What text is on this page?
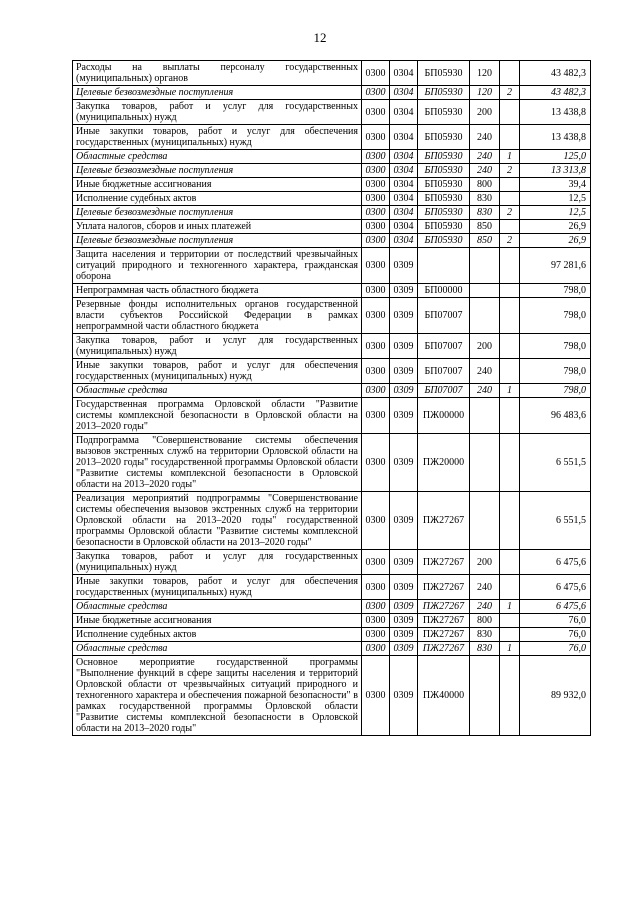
12
Расходы на выплаты персоналу государственных (муниципальных) органов	0300	0304	БП05930	120		43 482,3
Целевые безвозмездные поступления	0300	0304	БП05930	120	2	43 482,3
Закупка товаров, работ и услуг для государственных (муниципальных) нужд	0300	0304	БП05930	200		13 438,8
Иные закупки товаров, работ и услуг для обеспечения государственных (муниципальных) нужд	0300	0304	БП05930	240		13 438,8
Областные средства	0300	0304	БП05930	240	1	125,0
Целевые безвозмездные поступления	0300	0304	БП05930	240	2	13 313,8
Иные бюджетные ассигнования	0300	0304	БП05930	800		39,4
Исполнение судебных актов	0300	0304	БП05930	830		12,5
Целевые безвозмездные поступления	0300	0304	БП05930	830	2	12,5
Уплата налогов, сборов и иных платежей	0300	0304	БП05930	850		26,9
Целевые безвозмездные поступления	0300	0304	БП05930	850	2	26,9
Защита населения и территории от последствий чрезвычайных ситуаций природного и техногенного характера, гражданская оборона	0300	0309				97 281,6
Непрограммная часть областного бюджета	0300	0309	БП00000			798,0
Резервные фонды исполнительных органов государственной власти субъектов Российской Федерации в рамках непрограммной части областного бюджета	0300	0309	БП07007			798,0
Закупка товаров, работ и услуг для государственных (муниципальных) нужд	0300	0309	БП07007	200		798,0
Иные закупки товаров, работ и услуг для обеспечения государственных (муниципальных) нужд	0300	0309	БП07007	240		798,0
Областные средства	0300	0309	БП07007	240	1	798,0
Государственная программа Орловской области "Развитие системы комплексной безопасности в Орловской области на 2013–2020 годы"	0300	0309	ПЖ00000			96 483,6
Подпрограмма "Совершенствование системы обеспечения вызовов экстренных служб на территории Орловской области на 2013–2020 годы" государственной программы Орловской области "Развитие системы комплексной безопасности в Орловской области на 2013–2020 годы"	0300	0309	ПЖ20000			6 551,5
Реализация мероприятий подпрограммы "Совершенствование системы обеспечения вызовов экстренных служб на территории Орловской области на 2013–2020 годы" государственной программы Орловской области "Развитие системы комплексной безопасности в Орловской области на 2013–2020 годы"	0300	0309	ПЖ27267			6 551,5
Закупка товаров, работ и услуг для государственных (муниципальных) нужд	0300	0309	ПЖ27267	200		6 475,6
Иные закупки товаров, работ и услуг для обеспечения государственных (муниципальных) нужд	0300	0309	ПЖ27267	240		6 475,6
Областные средства	0300	0309	ПЖ27267	240	1	6 475,6
Иные бюджетные ассигнования	0300	0309	ПЖ27267	800		76,0
Исполнение судебных актов	0300	0309	ПЖ27267	830		76,0
Областные средства	0300	0309	ПЖ27267	830	1	76,0
Основное мероприятие государственной программы "Выполнение функций в сфере защиты населения и территорий Орловской области от чрезвычайных ситуаций природного и техногенного характера и обеспечения пожарной безопасности" в рамках государственной программы Орловской области "Развитие системы комплексной безопасности в Орловской области на 2013–2020 годы"	0300	0309	ПЖ40000			89 932,0
